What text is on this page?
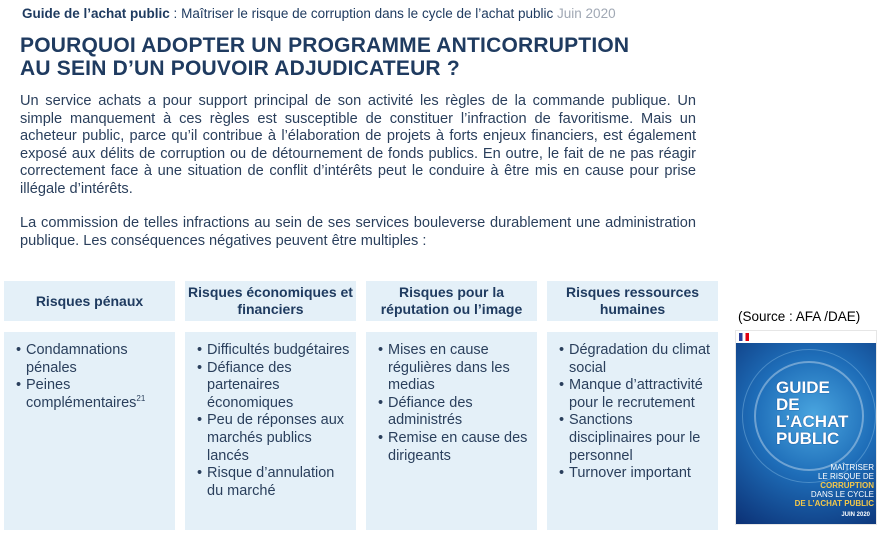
Guide de l’achat public : Maîtriser le risque de corruption dans le cycle de l’achat public Juin 2020
POURQUOI ADOPTER UN PROGRAMME ANTICORRUPTION
AU SEIN D’UN POUVOIR ADJUDICATEUR ?

Un service achats a pour support principal de son activité les règles de la commande publique. Un simple manquement à ces règles est susceptible de constituer l’infraction de favoritisme. Mais un acheteur public, parce qu’il contribue à l’élaboration de projets à forts enjeux financiers, est également exposé aux délits de corruption ou de détournement de fonds publics. En outre, le fait de ne pas réagir correctement face à une situation de conflit d’intérêts peut le conduire à être mis en cause pour prise illégale d’intérêts.

La commission de telles infractions au sein de ses services bouleverse durablement une administration publique. Les conséquences négatives peuvent être multiples :

Risques pénaux
• Condamnations pénales
• Peines complémentaires$^{21}$
Risques économiques et financiers
• Difficultés budgétaires
• Défiance des partenaires économiques
• Peu de réponses aux marchés publics lancés
• Risque d’annulation du marché
Risques pour la réputation ou l’image
• Mises en cause régulières dans les medias
• Défiance des administrés
• Remise en cause des dirigeants
Risques ressources humaines
• Dégradation du climat social
• Manque d’attractivité pour le recrutement
• Sanctions disciplinaires pour le personnel
• Turnover important
(Source : AFA /DAE)
GUIDE
DE
L’ACHAT
PUBLIC
MAÎTRISER
LE RISQUE DE
CORRUPTION
DANS LE CYCLE
DE L’ACHAT PUBLIC
JUIN 2020
